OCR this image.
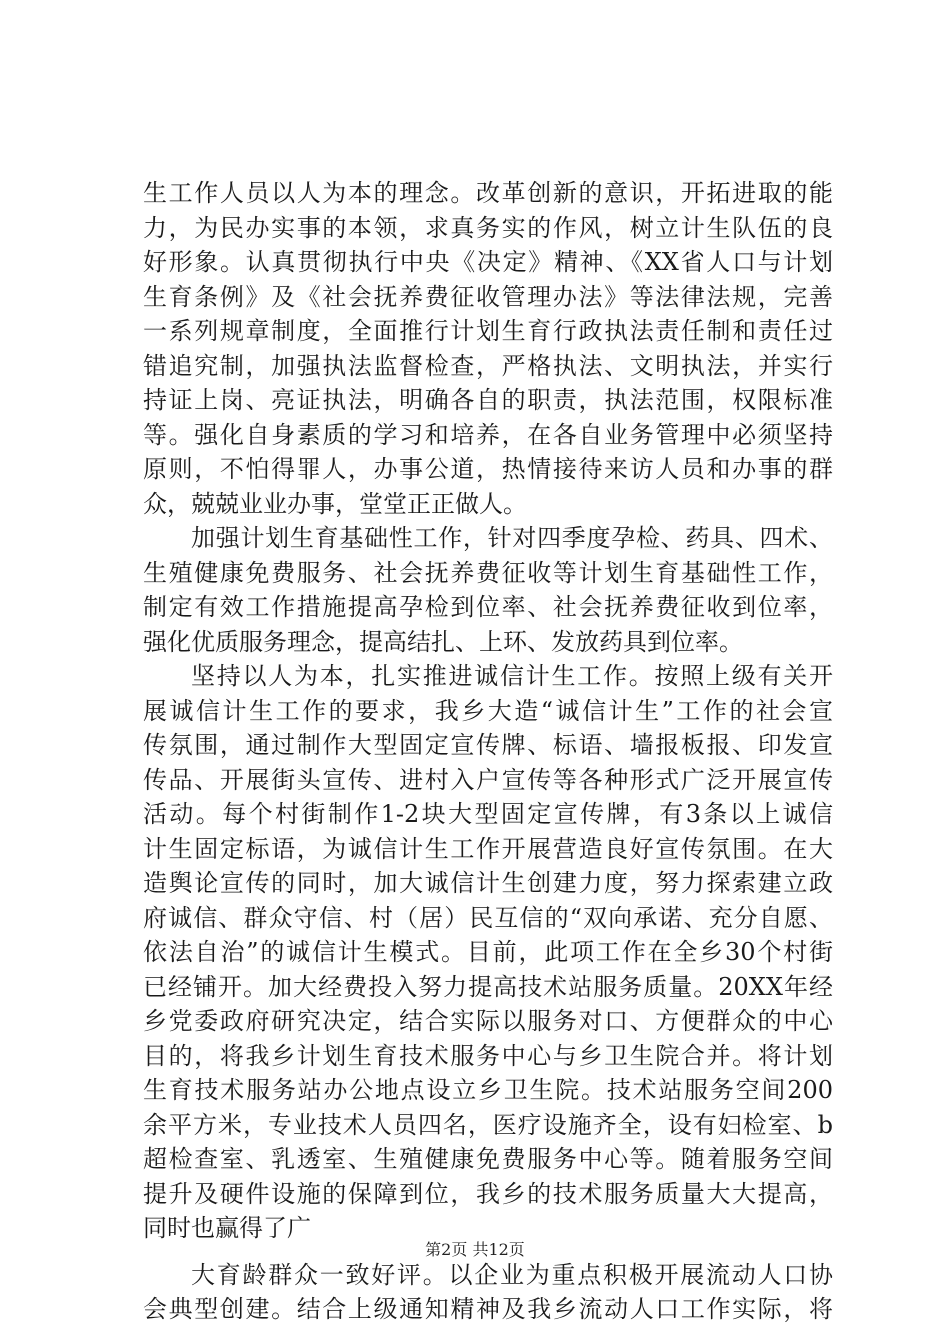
生工作人员以人为本的理念。改革创新的意识，开拓进取的能
力，为民办实事的本领，求真务实的作风，树立计生队伍的良
好形象。认真贯彻执行中央《决定》精神、《XX省人口与计划
生育条例》及《社会抚养费征收管理办法》等法律法规，完善
一系列规章制度，全面推行计划生育行政执法责任制和责任过
错追究制，加强执法监督检查，严格执法、文明执法，并实行
持证上岗、亮证执法，明确各自的职责，执法范围，权限标准
等。强化自身素质的学习和培养，在各自业务管理中必须坚持
原则，不怕得罪人，办事公道，热情接待来访人员和办事的群
众，兢兢业业办事，堂堂正正做人。
加强计划生育基础性工作，针对四季度孕检、药具、四术、
生殖健康免费服务、社会抚养费征收等计划生育基础性工作，
制定有效工作措施提高孕检到位率、社会抚养费征收到位率，
强化优质服务理念，提高结扎、上环、发放药具到位率。
坚持以人为本，扎实推进诚信计生工作。按照上级有关开
展诚信计生工作的要求，我乡大造“诚信计生”工作的社会宣
传氛围，通过制作大型固定宣传牌、标语、墙报板报、印发宣
传品、开展街头宣传、进村入户宣传等各种形式广泛开展宣传
活动。每个村街制作1-2块大型固定宣传牌，有3条以上诚信
计生固定标语，为诚信计生工作开展营造良好宣传氛围。在大
造舆论宣传的同时，加大诚信计生创建力度，努力探索建立政
府诚信、群众守信、村（居）民互信的“双向承诺、充分自愿、
依法自治”的诚信计生模式。目前，此项工作在全乡30个村街
已经铺开。加大经费投入努力提高技术站服务质量。20XX年经
乡党委政府研究决定，结合实际以服务对口、方便群众的中心
目的，将我乡计划生育技术服务中心与乡卫生院合并。将计划
生育技术服务站办公地点设立乡卫生院。技术站服务空间200
余平方米，专业技术人员四名，医疗设施齐全，设有妇检室、b
超检查室、乳透室、生殖健康免费服务中心等。随着服务空间
提升及硬件设施的保障到位，我乡的技术服务质量大大提高，
同时也赢得了广
大育龄群众一致好评。以企业为重点积极开展流动人口协
会典型创建。结合上级通知精神及我乡流动人口工作实际，将
第2页 共12页
